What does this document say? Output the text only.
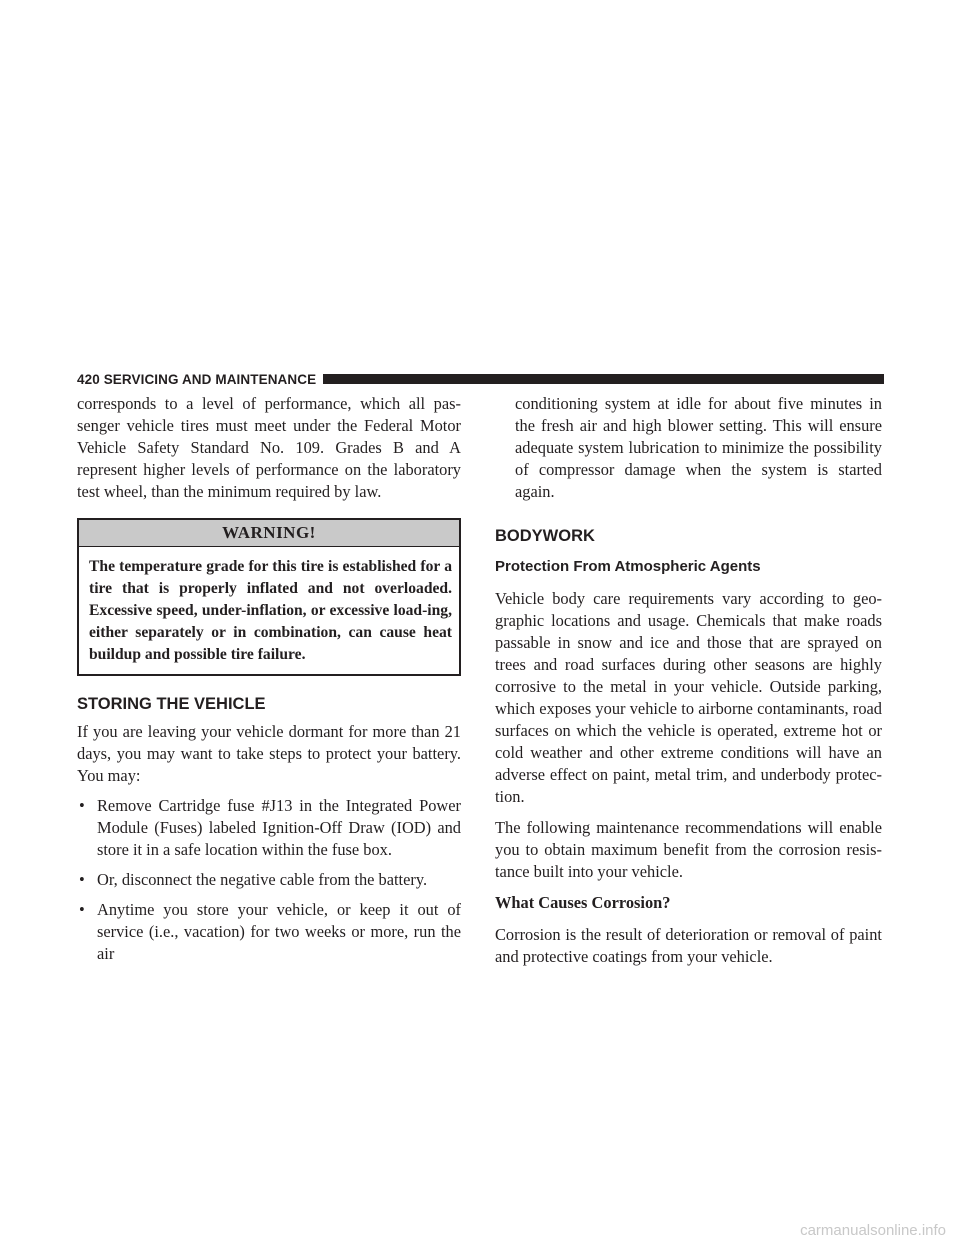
420 SERVICING AND MAINTENANCE

corresponds to a level of performance, which all pas-senger vehicle tires must meet under the Federal Motor Vehicle Safety Standard No. 109. Grades B and A represent higher levels of performance on the laboratory test wheel, than the minimum required by law.

WARNING!
The temperature grade for this tire is established for a tire that is properly inflated and not overloaded. Excessive speed, under-inflation, or excessive load-ing, either separately or in combination, can cause heat buildup and possible tire failure.
STORING THE VEHICLE

If you are leaving your vehicle dormant for more than 21 days, you may want to take steps to protect your battery. You may:

• Remove Cartridge fuse #J13 in the Integrated Power Module (Fuses) labeled Ignition-Off Draw (IOD) and store it in a safe location within the fuse box.
• Or, disconnect the negative cable from the battery.
• Anytime you store your vehicle, or keep it out of service (i.e., vacation) for two weeks or more, run the air

conditioning system at idle for about five minutes in the fresh air and high blower setting. This will ensure adequate system lubrication to minimize the possibility of compressor damage when the system is started again.

BODYWORK
Protection From Atmospheric Agents

Vehicle body care requirements vary according to geo-graphic locations and usage. Chemicals that make roads passable in snow and ice and those that are sprayed on trees and road surfaces during other seasons are highly corrosive to the metal in your vehicle. Outside parking, which exposes your vehicle to airborne contaminants, road surfaces on which the vehicle is operated, extreme hot or cold weather and other extreme conditions will have an adverse effect on paint, metal trim, and underbody protec-tion.

The following maintenance recommendations will enable you to obtain maximum benefit from the corrosion resis-tance built into your vehicle.

What Causes Corrosion?

Corrosion is the result of deterioration or removal of paint and protective coatings from your vehicle.

carmanualsonline.info
